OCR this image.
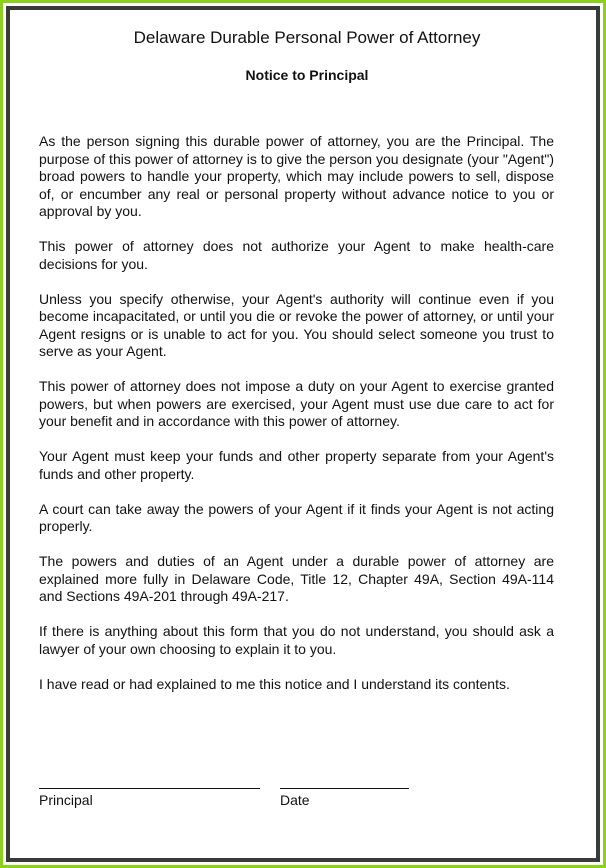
Delaware Durable Personal Power of Attorney
Notice to Principal

As the person signing this durable power of attorney, you are the Principal. The purpose of this power of attorney is to give the person you designate (your "Agent") broad powers to handle your property, which may include powers to sell, dispose of, or encumber any real or personal property without advance notice to you or approval by you.

This power of attorney does not authorize your Agent to make health-care decisions for you.

Unless you specify otherwise, your Agent's authority will continue even if you become incapacitated, or until you die or revoke the power of attorney, or until your Agent resigns or is unable to act for you. You should select someone you trust to serve as your Agent.

This power of attorney does not impose a duty on your Agent to exercise granted powers, but when powers are exercised, your Agent must use due care to act for your benefit and in accordance with this power of attorney.

Your Agent must keep your funds and other property separate from your Agent's funds and other property.

A court can take away the powers of your Agent if it finds your Agent is not acting properly.

The powers and duties of an Agent under a durable power of attorney are explained more fully in Delaware Code, Title 12, Chapter 49A, Section 49A-114 and Sections 49A-201 through 49A-217.

If there is anything about this form that you do not understand, you should ask a lawyer of your own choosing to explain it to you.

I have read or had explained to me this notice and I understand its contents.

Principal	Date
